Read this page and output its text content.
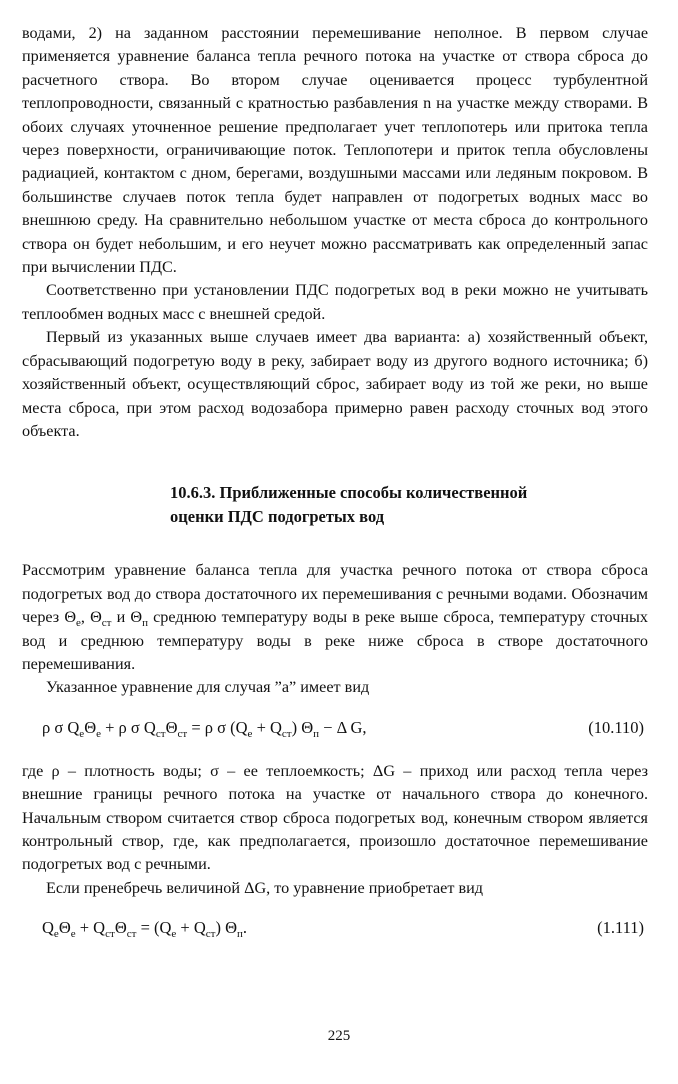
водами, 2) на заданном расстоянии перемешивание неполное. В первом случае применяется уравнение баланса тепла речного потока на участке от створа сброса до расчетного створа. Во втором случае оценивается процесс турбулентной теплопроводности, связанный с кратностью разбавления n на участке между створами. В обоих случаях уточненное решение предполагает учет теплопотерь или притока тепла через поверхности, ограничивающие поток. Теплопотери и приток тепла обусловлены радиацией, контактом с дном, берегами, воздушными массами или ледяным покровом. В большинстве случаев поток тепла будет направлен от подогретых водных масс во внешнюю среду. На сравнительно небольшом участке от места сброса до контрольного створа он будет небольшим, и его неучет можно рассматривать как определенный запас при вычислении ПДС.

Соответственно при установлении ПДС подогретых вод в реки можно не учитывать теплообмен водных масс с внешней средой.

Первый из указанных выше случаев имеет два варианта: а) хозяйственный объект, сбрасывающий подогретую воду в реку, забирает воду из другого водного источника; б) хозяйственный объект, осуществляющий сброс, забирает воду из той же реки, но выше места сброса, при этом расход водозабора примерно равен расходу сточных вод этого объекта.

10.6.3. Приближенные способы количественной
оценки ПДС подогретых вод

Рассмотрим уравнение баланса тепла для участка речного потока от створа сброса подогретых вод до створа достаточного их перемешивания с речными водами. Обозначим через $\Theta_е$, $\Theta_{ст}$ и $\Theta_п$ среднюю температуру воды в реке выше сброса, температуру сточных вод и среднюю температуру воды в реке ниже сброса в створе достаточного перемешивания.

Указанное уравнение для случая ”а” имеет вид

ρ σ $Q_е\Theta_е + \rho$ σ $Q_{ст}\Theta_{ст} = \rho$ σ $(Q_е + Q_{ст}) \Theta_п - \Delta$ G,	(10.110)

где ρ – плотность воды; σ – ее теплоемкость; ΔG – приход или расход тепла через внешние границы речного потока на участке от начального створа до конечного. Начальным створом считается створ сброса подогретых вод, конечным створом является контрольный створ, где, как предполагается, произошло достаточное перемешивание подогретых вод с речными.

Если пренебречь величиной ΔG, то уравнение приобретает вид

$Q_е\Theta_е + Q_{ст}\Theta_{ст} = (Q_е + Q_{ст})$ $\Theta_п$.	(1.111)
225
